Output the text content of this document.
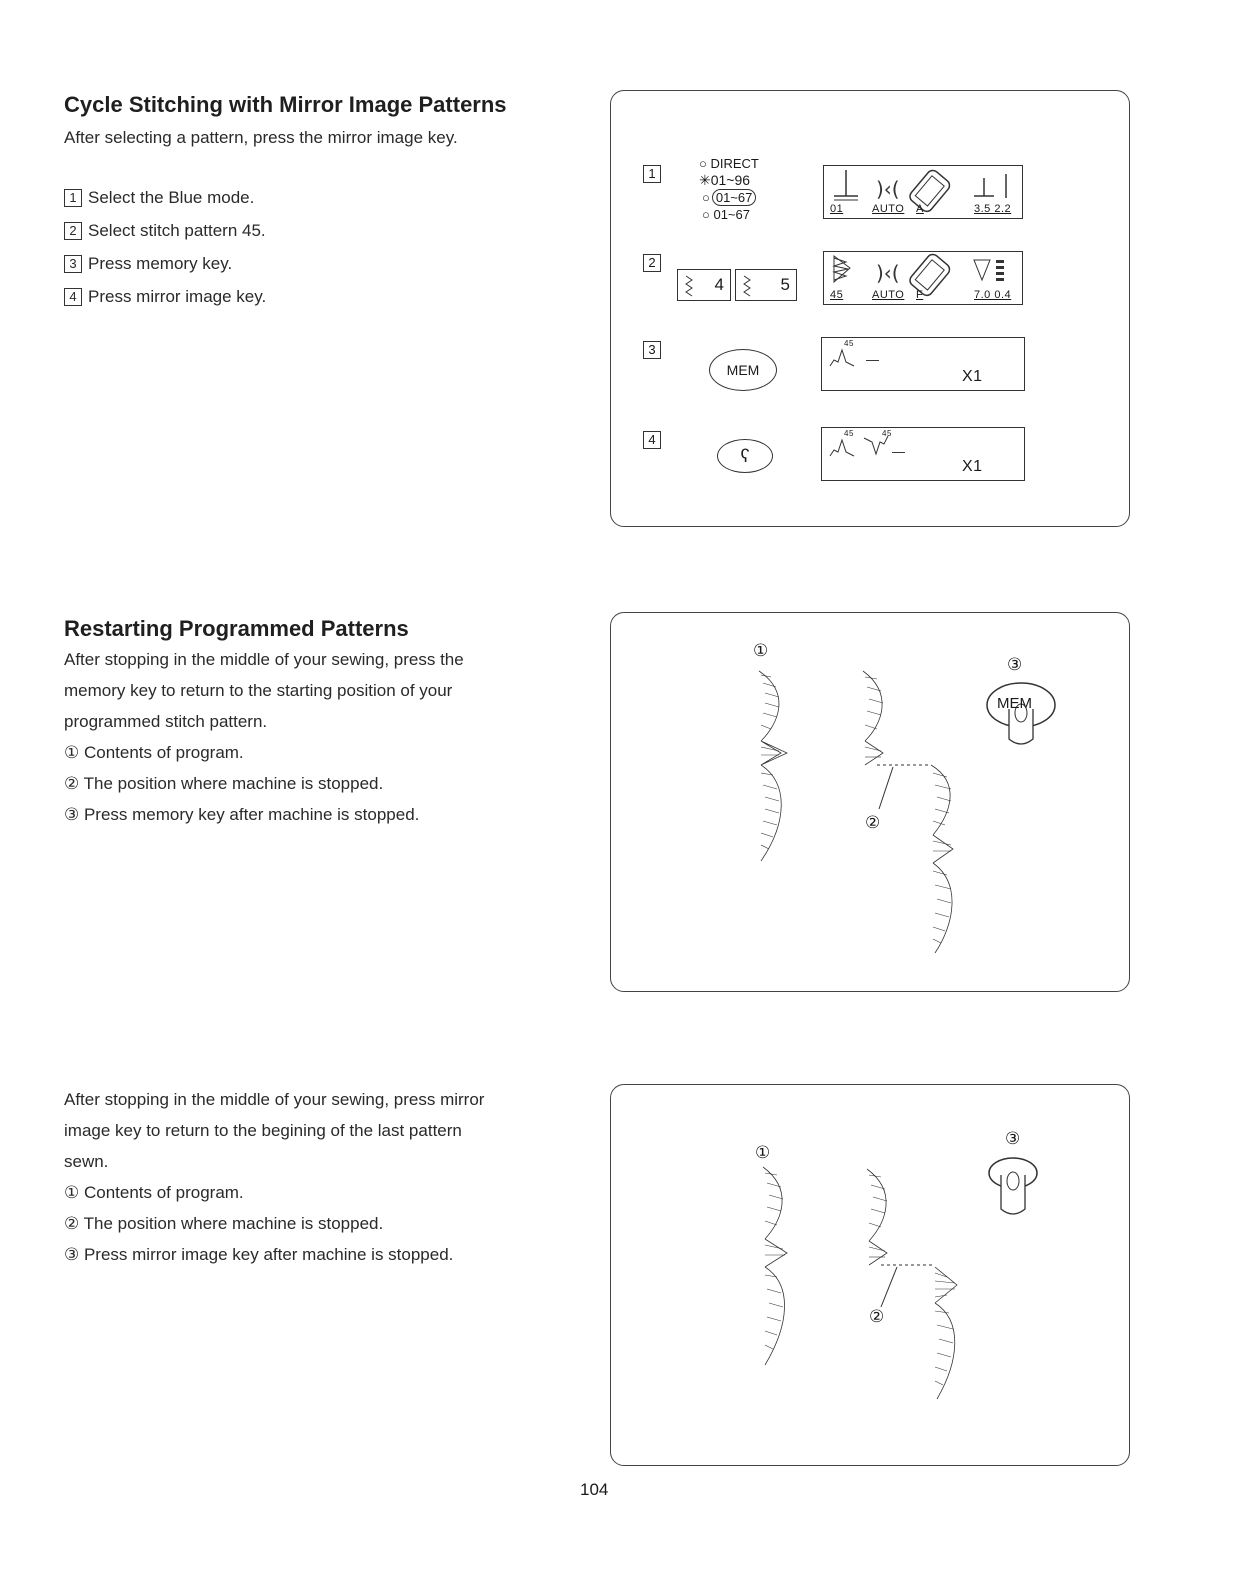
Cycle Stitching with Mirror Image Patterns
After selecting a pattern, press the mirror image key.
1 Select the Blue mode.
2 Select stitch pattern 45.
3 Press memory key.
4 Press mirror image key.
1
○ DIRECT
✳01~96
○ 01~67
○ 01~67
)‹(
01	AUTO A	3.5 2.2
2
4	5	)‹(
45	AUTO F	7.0 0.4
3
MEM
45
—
X1
4
ʕ
45	45
—
X1
Restarting Programmed Patterns
After stopping in the middle of your sewing, press the
memory key to return to the starting position of your
programmed stitch pattern.
① Contents of program.
② The position where machine is stopped.
③ Press memory key after machine is stopped.
①
②
③
MEM
After stopping in the middle of your sewing, press mirror
image key to return to the begining of the last pattern
sewn.
① Contents of program.
② The position where machine is stopped.
③ Press mirror image key after machine is stopped.
①
②
③
104
